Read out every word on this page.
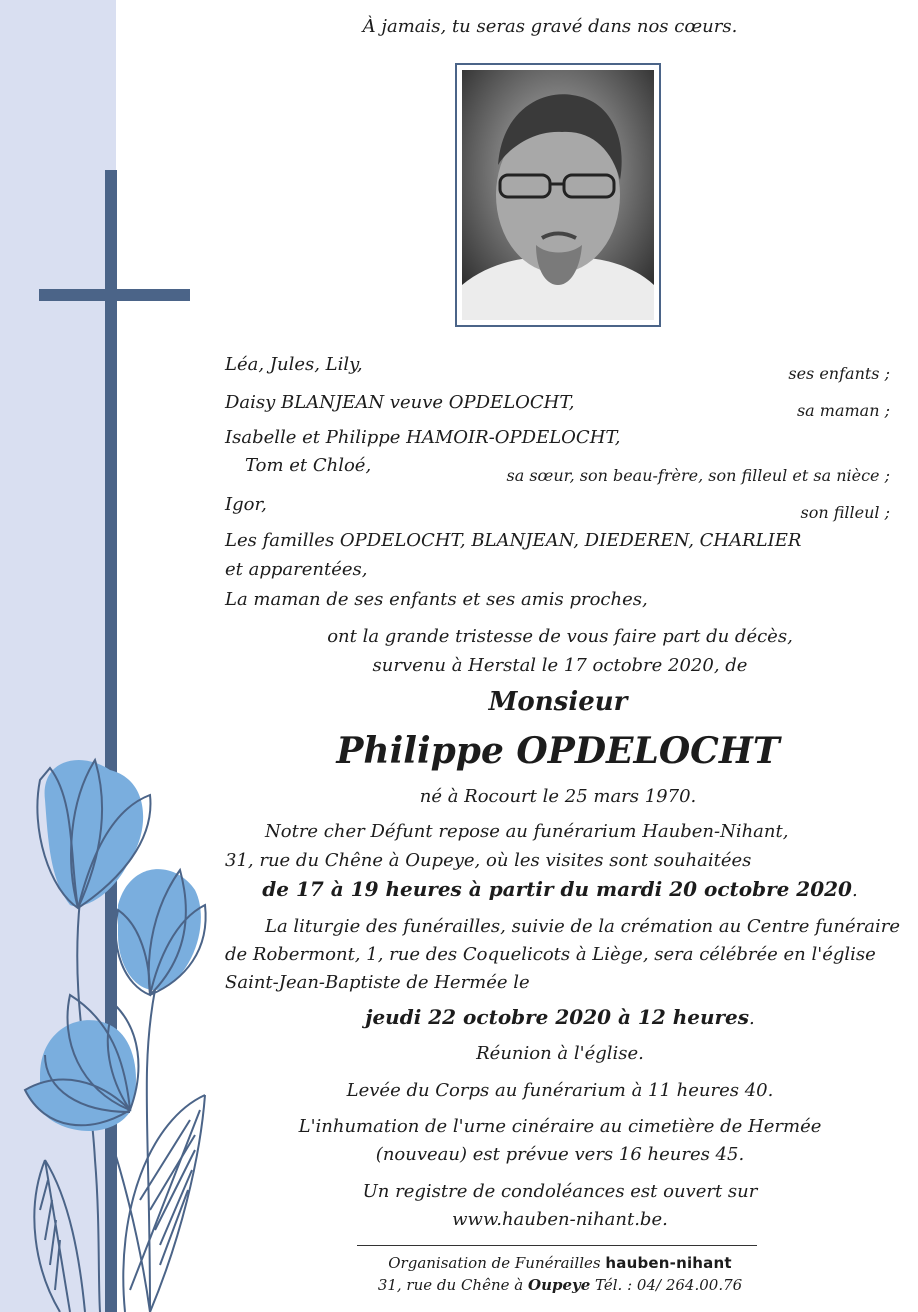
À jamais, tu seras gravé dans nos cœurs.
Léa, Jules, Lily,	ses enfants ;
Daisy BLANJEAN veuve OPDELOCHT,	sa maman ;
Isabelle et Philippe HAMOIR-OPDELOCHT,
Tom et Chloé,	sa sœur, son beau-frère, son filleul et sa nièce ;
Igor,	son filleul ;
Les familles OPDELOCHT, BLANJEAN, DIEDEREN, CHARLIER
et apparentées,
La maman de ses enfants et ses amis proches,
ont la grande tristesse de vous faire part du décès,
survenu à Herstal le 17 octobre 2020, de
Monsieur
Philippe OPDELOCHT
né à Rocourt le 25 mars 1970.
Notre cher Défunt repose au funérarium Hauben-Nihant,
31, rue du Chêne à Oupeye, où les visites sont souhaitées
de 17 à 19 heures à partir du mardi 20 octobre 2020.
La liturgie des funérailles, suivie de la crémation au Centre funéraire
de Robermont, 1, rue des Coquelicots à Liège, sera célébrée en l'église
Saint-Jean-Baptiste de Hermée le
jeudi 22 octobre 2020 à 12 heures.
Réunion à l'église.
Levée du Corps au funérarium à 11 heures 40.
L'inhumation de l'urne cinéraire au cimetière de Hermée
(nouveau) est prévue vers 16 heures 45.
Un registre de condoléances est ouvert sur
www.hauben-nihant.be.
Organisation de Funérailles hauben-nihant
31, rue du Chêne à Oupeye Tél. : 04/ 264.00.76
